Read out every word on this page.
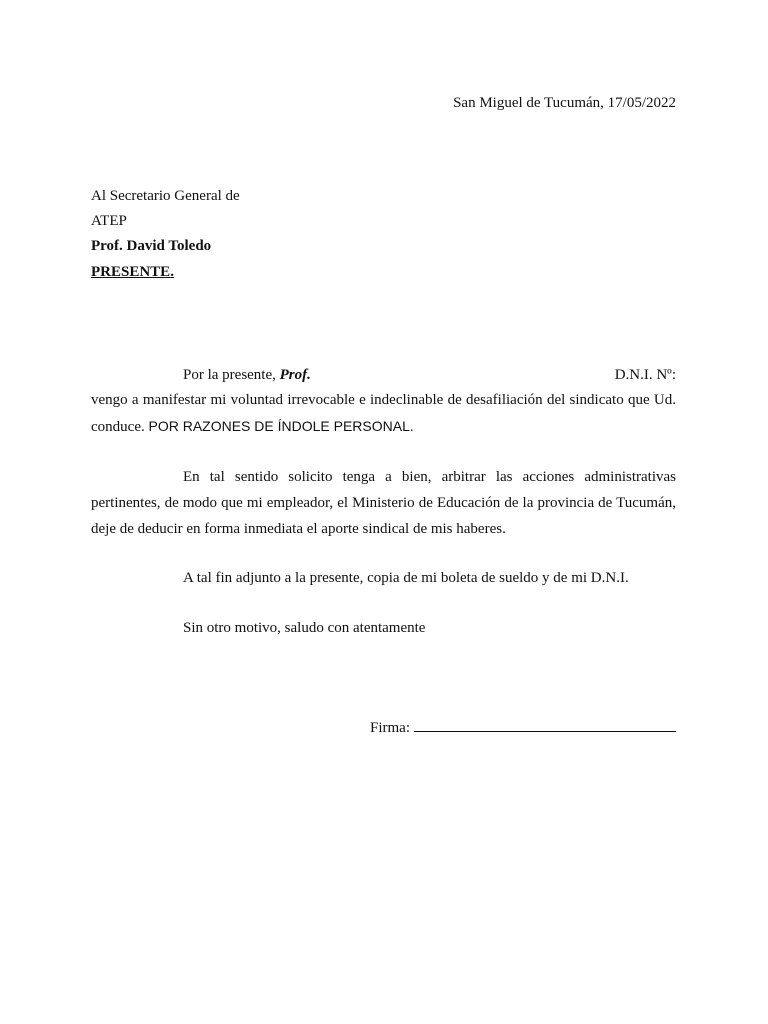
San Miguel de Tucumán, 17/05/2022
Al Secretario General de
ATEP
Prof. David Toledo
PRESENTE.
Por la presente, Prof.	D.N.I. Nº:
vengo a manifestar mi voluntad irrevocable e indeclinable de desafiliación del sindicato que Ud. conduce. POR RAZONES DE ÍNDOLE PERSONAL.
En tal sentido solicito tenga a bien, arbitrar las acciones administrativas pertinentes, de modo que mi empleador, el Ministerio de Educación de la provincia de Tucumán, deje de deducir en forma inmediata el aporte sindical de mis haberes.
A tal fin adjunto a la presente, copia de mi boleta de sueldo y de mi D.N.I.
Sin otro motivo, saludo con atentamente
Firma:
